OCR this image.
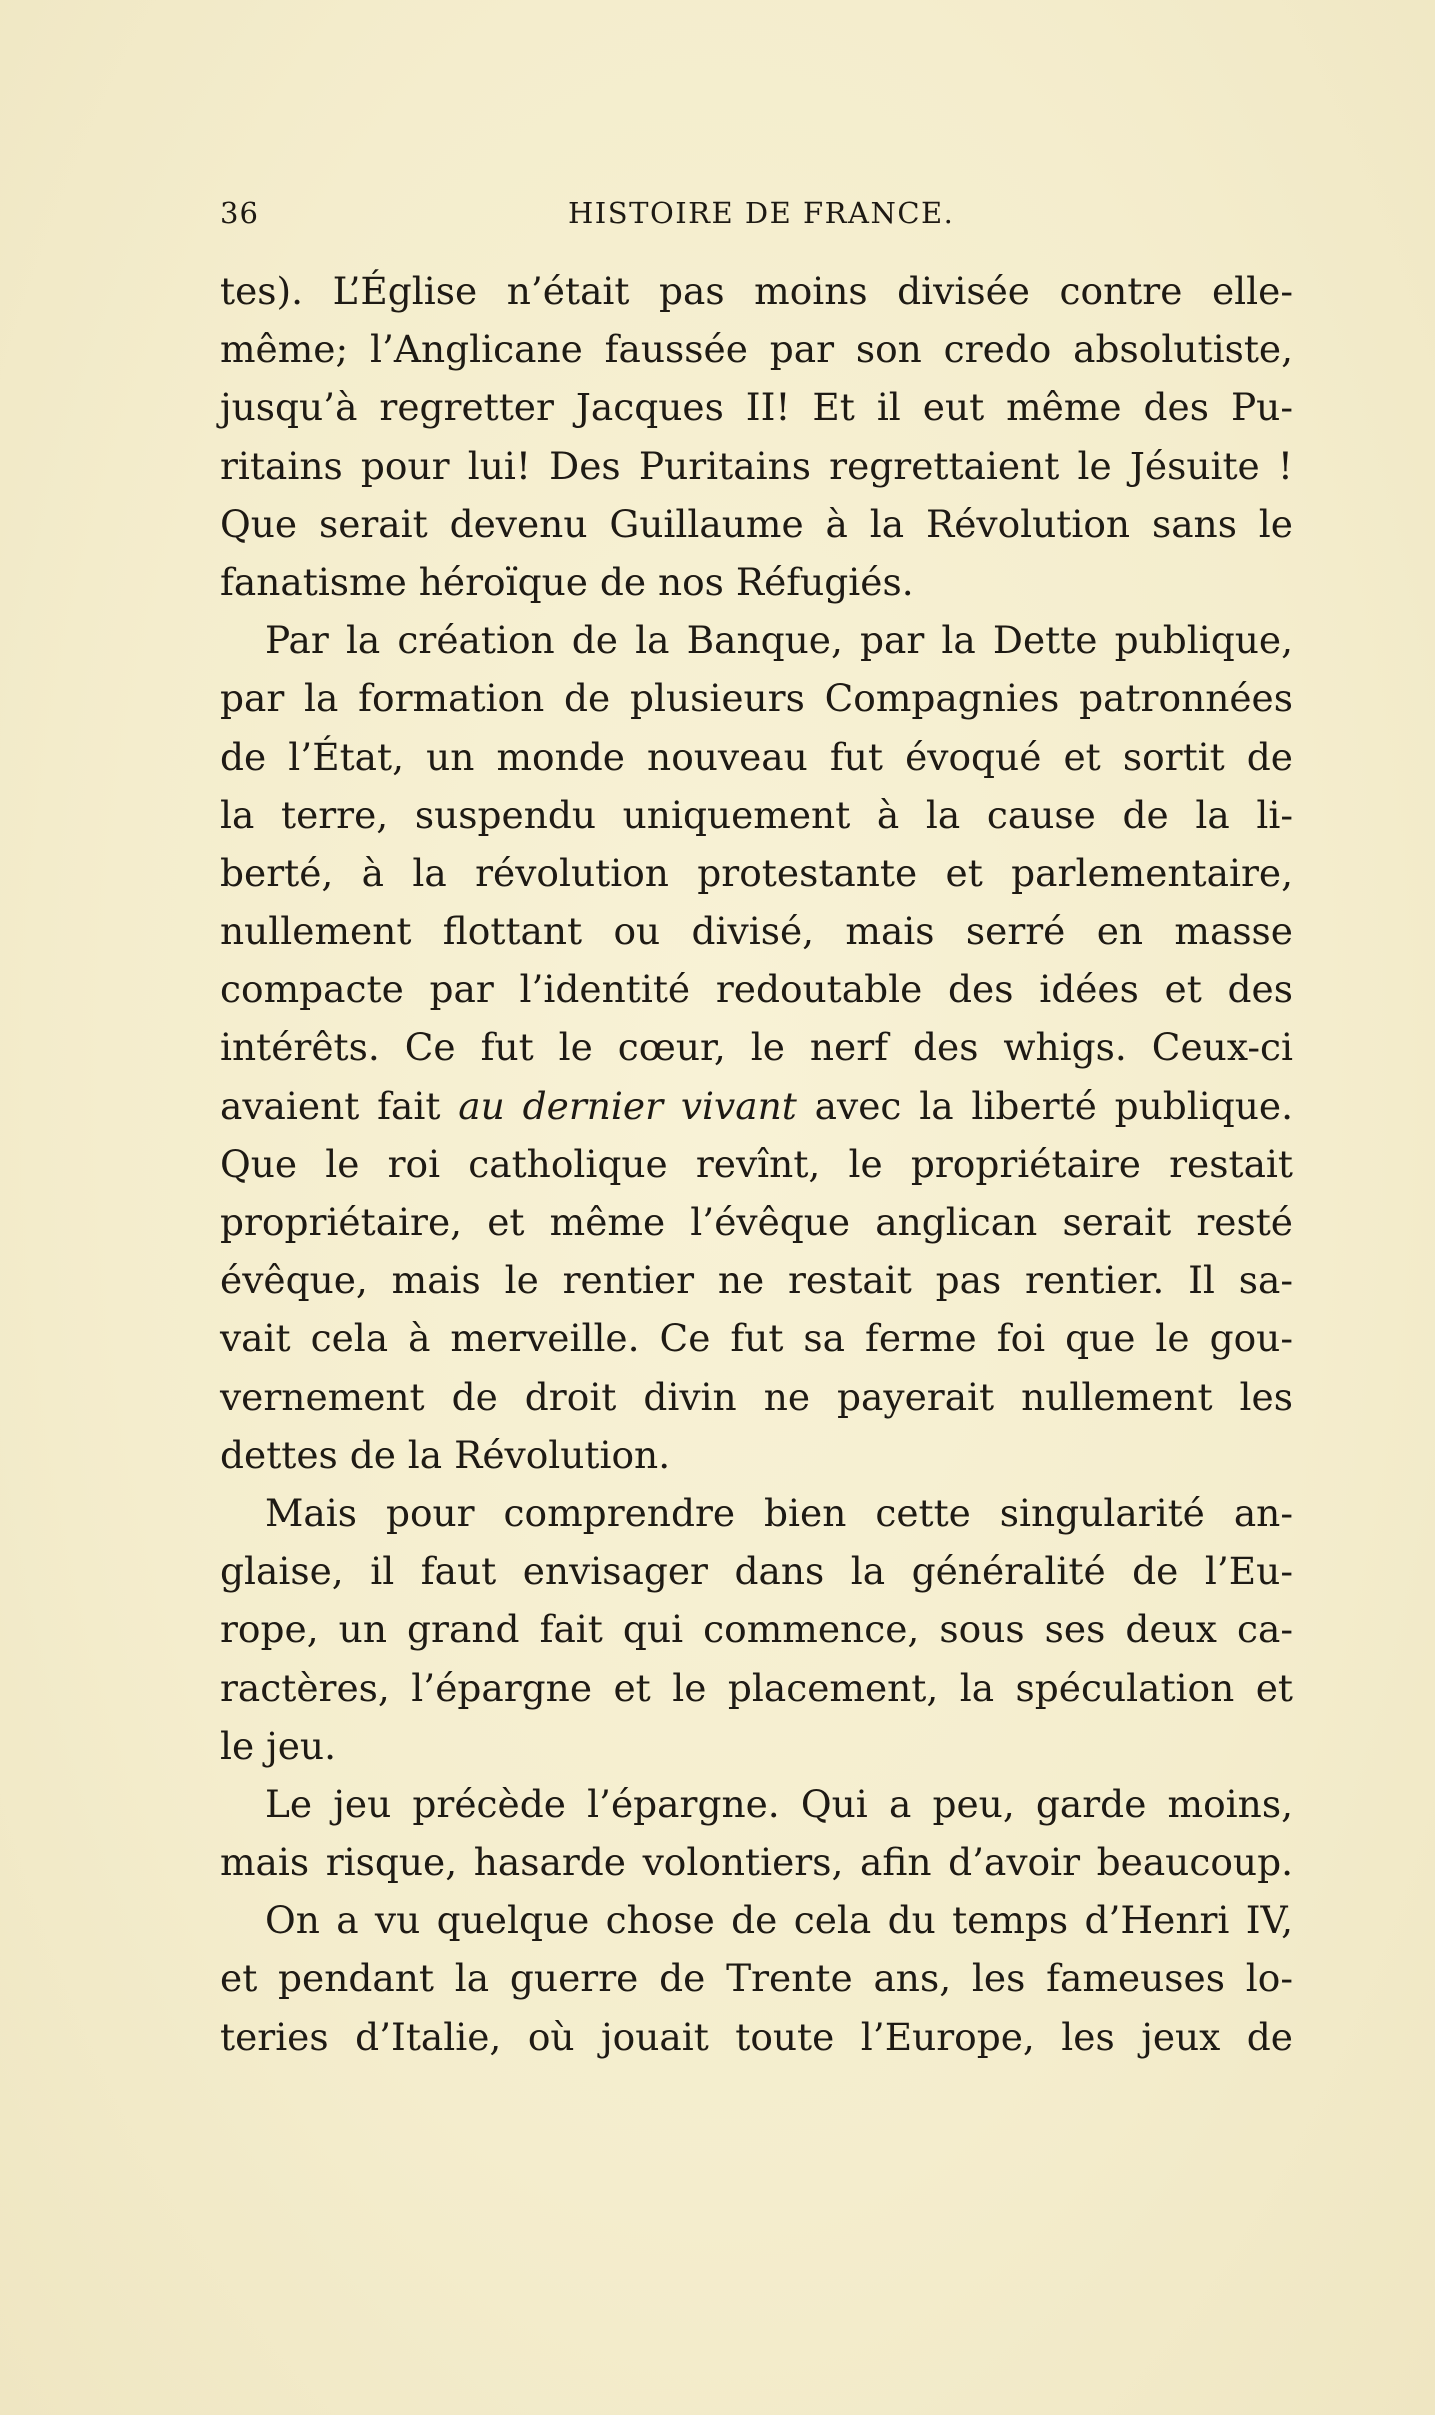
36	HISTOIRE DE FRANCE.
tes). L’Église n’était pas moins divisée contre elle-
même; l’Anglicane faussée par son credo absolutiste,
jusqu’à regretter Jacques II! Et il eut même des Pu-
ritains pour lui! Des Puritains regrettaient le Jésuite !
Que serait devenu Guillaume à la Révolution sans le
fanatisme héroïque de nos Réfugiés.
Par la création de la Banque, par la Dette publique,
par la formation de plusieurs Compagnies patronnées
de l’État, un monde nouveau fut évoqué et sortit de
la terre, suspendu uniquement à la cause de la li-
berté, à la révolution protestante et parlementaire,
nullement flottant ou divisé, mais serré en masse
compacte par l’identité redoutable des idées et des
intérêts. Ce fut le cœur, le nerf des whigs. Ceux-ci
avaient fait au dernier vivant avec la liberté publique.
Que le roi catholique revînt, le propriétaire restait
propriétaire, et même l’évêque anglican serait resté
évêque, mais le rentier ne restait pas rentier. Il sa-
vait cela à merveille. Ce fut sa ferme foi que le gou-
vernement de droit divin ne payerait nullement les
dettes de la Révolution.
Mais pour comprendre bien cette singularité an-
glaise, il faut envisager dans la généralité de l’Eu-
rope, un grand fait qui commence, sous ses deux ca-
ractères, l’épargne et le placement, la spéculation et
le jeu.
Le jeu précède l’épargne. Qui a peu, garde moins,
mais risque, hasarde volontiers, afin d’avoir beaucoup.
On a vu quelque chose de cela du temps d’Henri IV,
et pendant la guerre de Trente ans, les fameuses lo-
teries d’Italie, où jouait toute l’Europe, les jeux de
